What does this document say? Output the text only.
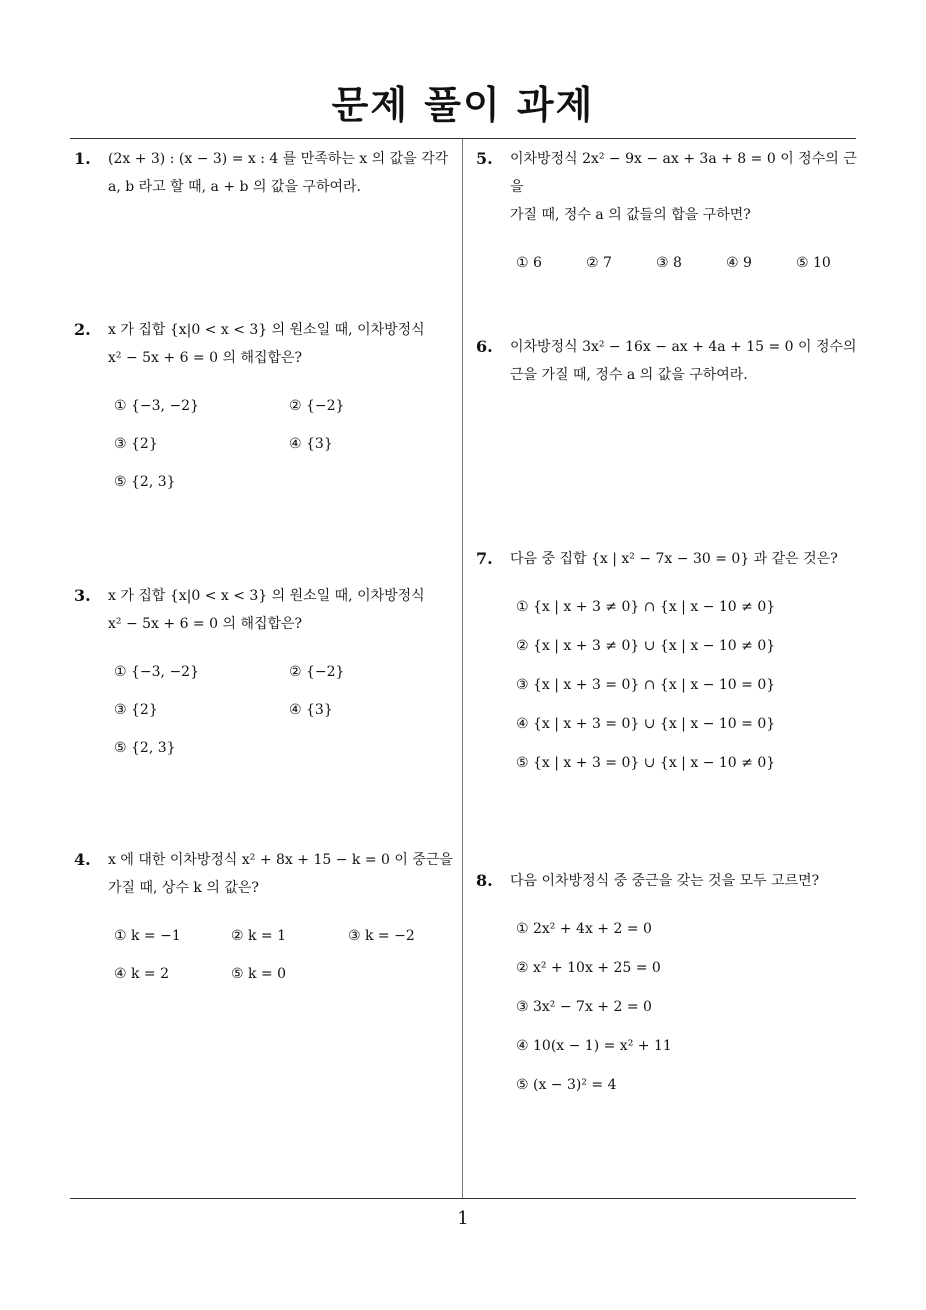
문제 풀이 과제
1. (2x + 3) : (x − 3) = x : 4 를 만족하는 x 의 값을 각각
a, b 라고 할 때, a + b 의 값을 구하여라.
2. x 가 집합 {x|0 < x < 3} 의 원소일 때, 이차방정식
x² − 5x + 6 = 0 의 해집합은?
① {−3, −2}	② {−2}
③ {2}	④ {3}
⑤ {2, 3}
3. x 가 집합 {x|0 < x < 3} 의 원소일 때, 이차방정식
x² − 5x + 6 = 0 의 해집합은?
① {−3, −2}	② {−2}
③ {2}	④ {3}
⑤ {2, 3}
4. x 에 대한 이차방정식 x² + 8x + 15 − k = 0 이 중근을
가질 때, 상수 k 의 값은?
① k = −1	② k = 1	③ k = −2
④ k = 2	⑤ k = 0
5. 이차방정식 2x² − 9x − ax + 3a + 8 = 0 이 정수의 근을
가질 때, 정수 a 의 값들의 합을 구하면?
① 6	② 7	③ 8	④ 9	⑤ 10
6. 이차방정식 3x² − 16x − ax + 4a + 15 = 0 이 정수의
근을 가질 때, 정수 a 의 값을 구하여라.
7. 다음 중 집합 {x | x² − 7x − 30 = 0} 과 같은 것은?
① {x | x + 3 ≠ 0} ∩ {x | x − 10 ≠ 0}
② {x | x + 3 ≠ 0} ∪ {x | x − 10 ≠ 0}
③ {x | x + 3 = 0} ∩ {x | x − 10 = 0}
④ {x | x + 3 = 0} ∪ {x | x − 10 = 0}
⑤ {x | x + 3 = 0} ∪ {x | x − 10 ≠ 0}
8. 다음 이차방정식 중 중근을 갖는 것을 모두 고르면?
① 2x² + 4x + 2 = 0
② x² + 10x + 25 = 0
③ 3x² − 7x + 2 = 0
④ 10(x − 1) = x² + 11
⑤ (x − 3)² = 4
1
